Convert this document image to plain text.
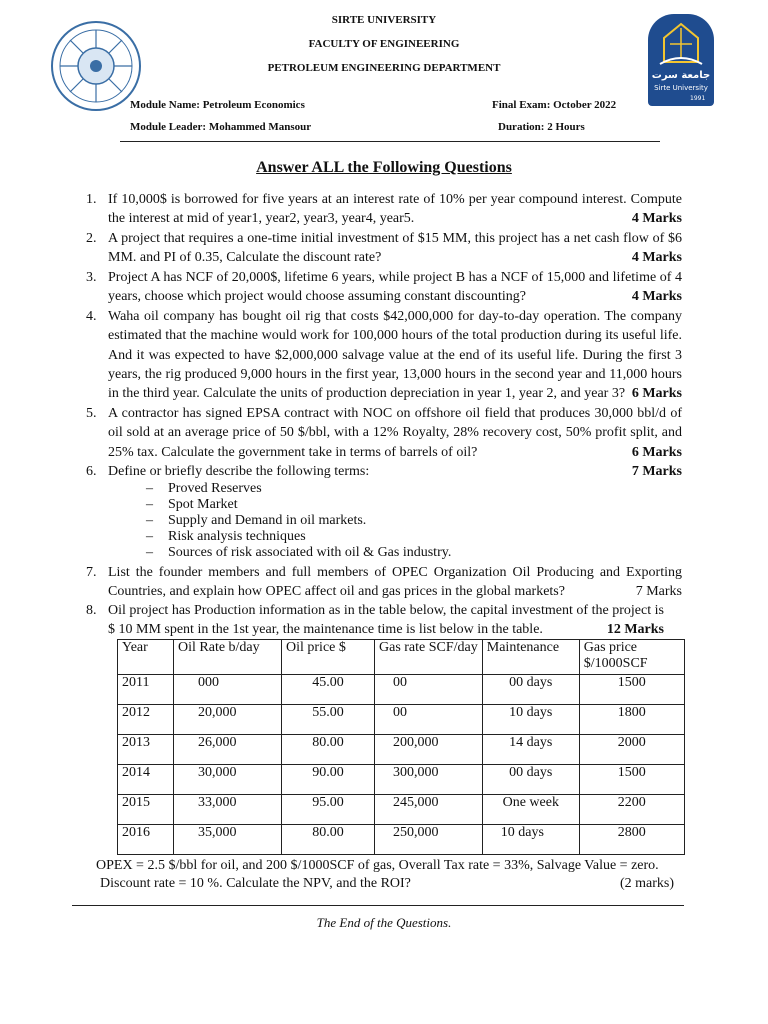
جامعة سرت
Sirte University
1991
SIRTE UNIVERSITY
FACULTY OF ENGINEERING
PETROLEUM ENGINEERING DEPARTMENT
Module Name: Petroleum Economics	Final Exam: October 2022
Module Leader: Mohammed Mansour	Duration: 2 Hours
Answer ALL the Following Questions
1. If 10,000$ is borrowed for five years at an interest rate of 10% per year compound interest. Compute the interest at mid of year1, year2, year3, year4, year5.	4 Marks
2. A project that requires a one-time initial investment of $15 MM, this project has a net cash flow of $6 MM. and PI of 0.35, Calculate the discount rate?	4 Marks
3. Project A has NCF of 20,000$, lifetime 6 years, while project B has a NCF of 15,000 and lifetime of 4 years, choose which project would choose assuming constant discounting?	4 Marks
4. Waha oil company has bought oil rig that costs $42,000,000 for day-to-day operation. The company estimated that the machine would work for 100,000 hours of the total production during its useful life. And it was expected to have $2,000,000 salvage value at the end of its useful life. During the first 3 years, the rig produced 9,000 hours in the first year, 13,000 hours in the second year and 11,000 hours in the third year. Calculate the units of production depreciation in year 1, year 2, and year 3? 6 Marks
5. A contractor has signed EPSA contract with NOC on offshore oil field that produces 30,000 bbl/d of oil sold at an average price of 50 $/bbl, with a 12% Royalty, 28% recovery cost, 50% profit split, and 25% tax. Calculate the government take in terms of barrels of oil?	6 Marks
6. Define or briefly describe the following terms:	7 Marks
– Proved Reserves
– Spot Market
– Supply and Demand in oil markets.
– Risk analysis techniques
– Sources of risk associated with oil & Gas industry.
7. List the founder members and full members of OPEC Organization Oil Producing and Exporting Countries, and explain how OPEC affect oil and gas prices in the global markets?	7 Marks
8. Oil project has Production information as in the table below, the capital investment of the project is $ 10 MM spent in the 1st year, the maintenance time is list below in the table.	12 Marks
Year	Oil Rate b/day	Oil price $	Gas rate SCF/day	Maintenance	Gas price $/1000SCF
2011	000	45.00	00	00 days	1500
2012	20,000	55.00	00	10 days	1800
2013	26,000	80.00	200,000	14 days	2000
2014	30,000	90.00	300,000	00 days	1500
2015	33,000	95.00	245,000	One week	2200
2016	35,000	80.00	250,000	10 days	2800
OPEX = 2.5 $/bbl for oil, and 200 $/1000SCF of gas, Overall Tax rate = 33%, Salvage Value = zero.
Discount rate = 10 %. Calculate the NPV, and the ROI?	(2 marks)
The End of the Questions.
